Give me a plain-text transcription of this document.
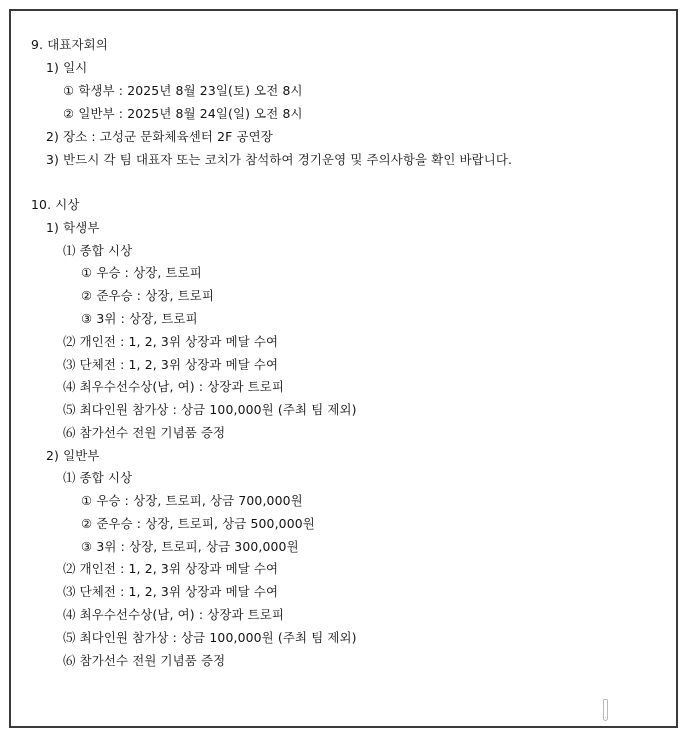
9. 대표자회의
1) 일시
① 학생부 : 2025년 8월 23일(토) 오전 8시
② 일반부 : 2025년 8월 24일(일) 오전 8시
2) 장소 : 고성군 문화체육센터 2F 공연장
3) 반드시 각 팀 대표자 또는 코치가 참석하여 경기운영 및 주의사항을 확인 바랍니다.
10. 시상
1) 학생부
⑴ 종합 시상
① 우승 : 상장, 트로피
② 준우승 : 상장, 트로피
③ 3위 : 상장, 트로피
⑵ 개인전 : 1, 2, 3위 상장과 메달 수여
⑶ 단체전 : 1, 2, 3위 상장과 메달 수여
⑷ 최우수선수상(남, 여) : 상장과 트로피
⑸ 최다인원 참가상 : 상금 100,000원 (주최 팀 제외)
⑹ 참가선수 전원 기념품 증정
2) 일반부
⑴ 종합 시상
① 우승 : 상장, 트로피, 상금 700,000원
② 준우승 : 상장, 트로피, 상금 500,000원
③ 3위 : 상장, 트로피, 상금 300,000원
⑵ 개인전 : 1, 2, 3위 상장과 메달 수여
⑶ 단체전 : 1, 2, 3위 상장과 메달 수여
⑷ 최우수선수상(남, 여) : 상장과 트로피
⑸ 최다인원 참가상 : 상금 100,000원 (주최 팀 제외)
⑹ 참가선수 전원 기념품 증정
